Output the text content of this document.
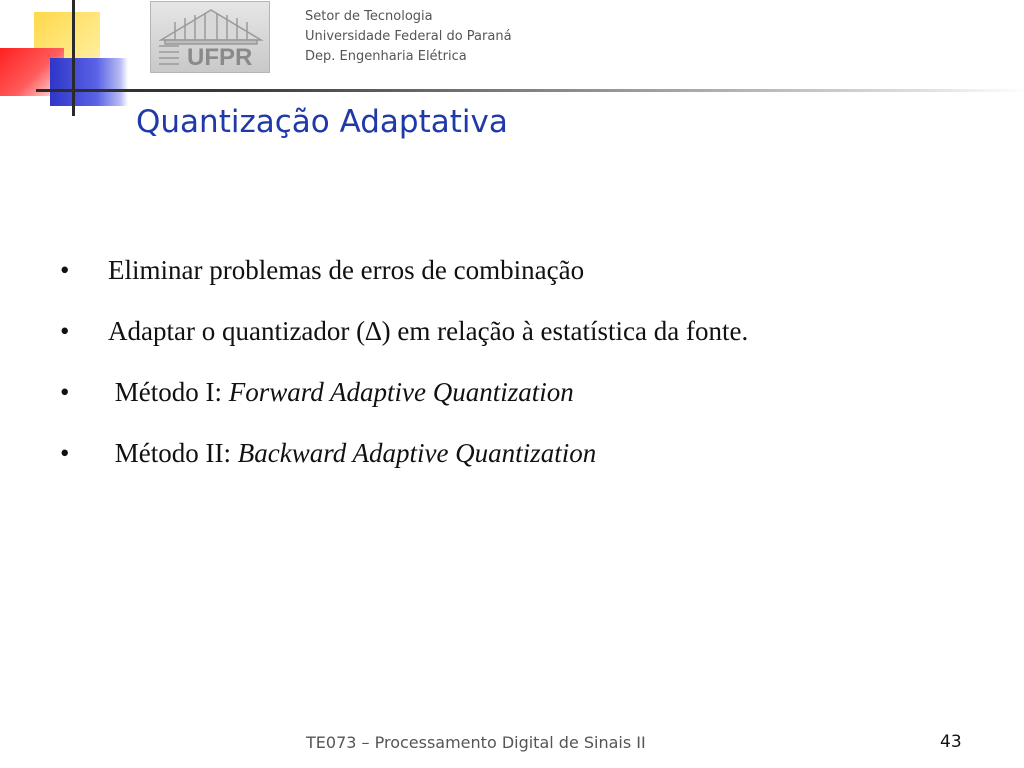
UFPR
Setor de Tecnologia
Universidade Federal do Paraná
Dep. Engenharia Elétrica
Quantização Adaptativa
•	Eliminar problemas de erros de combinação
•	Adaptar o quantizador (∆) em relação à estatística da fonte.
•	Método I: Forward Adaptive Quantization
•	Método II: Backward Adaptive Quantization
TE073 – Processamento Digital de Sinais II	43
